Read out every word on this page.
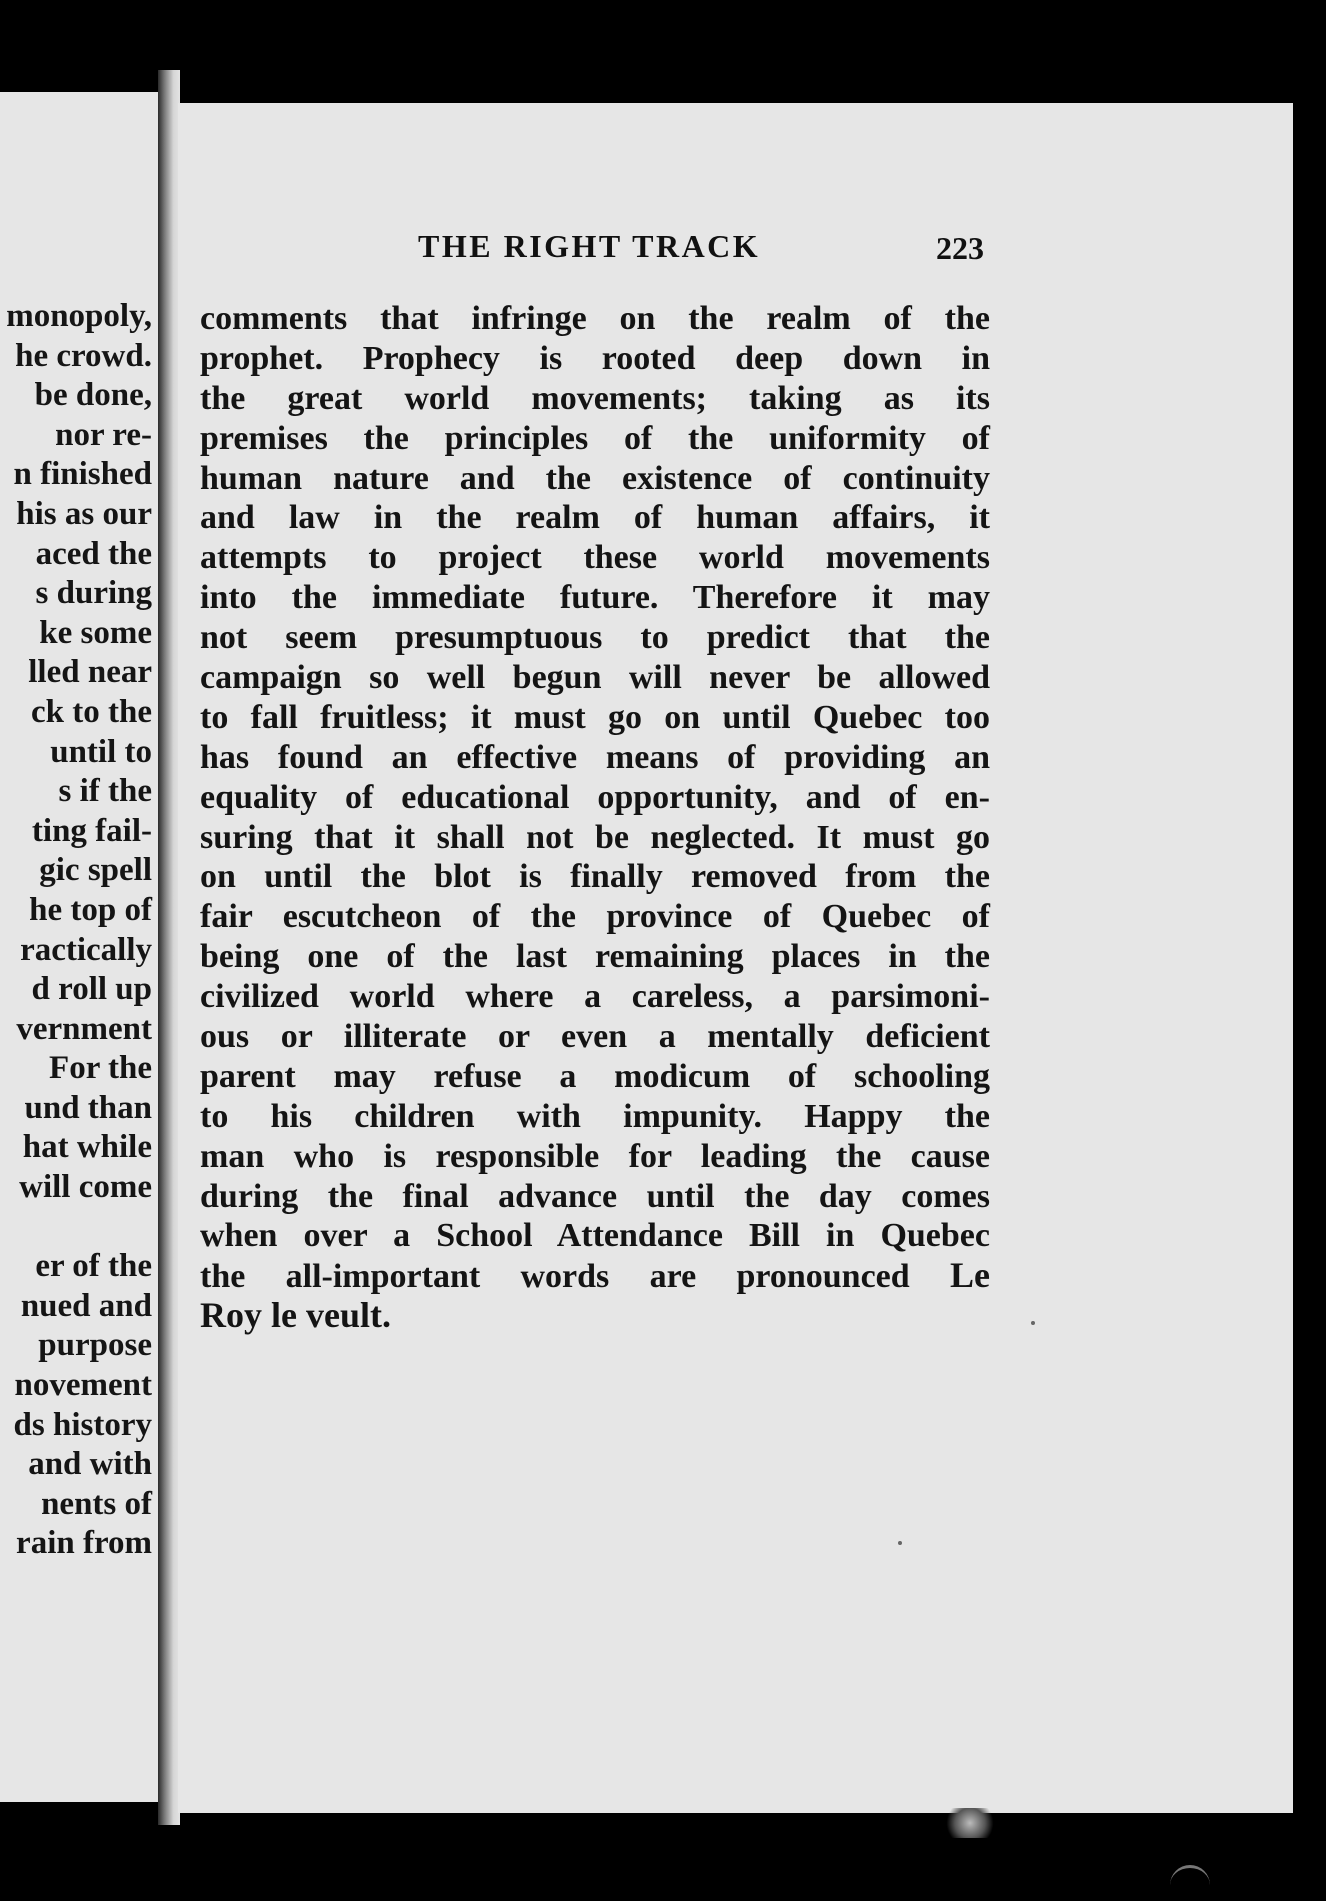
monopoly,
he crowd.
be done,
nor re-
n finished
his as our
aced the
s during
ke some
lled near
ck to the
until to
s if the
ting fail-
gic spell
he top of
ractically
d roll up
vernment
For the
und than
hat while
will come
er of the
nued and
purpose
novement
ds history
and with
nents of
rain from
THE RIGHT TRACK	223
comments that infringe on the realm of the
prophet. Prophecy is rooted deep down in
the great world movements; taking as its
premises the principles of the uniformity of
human nature and the existence of continuity
and law in the realm of human affairs, it
attempts to project these world movements
into the immediate future. Therefore it may
not seem presumptuous to predict that the
campaign so well begun will never be allowed
to fall fruitless; it must go on until Quebec too
has found an effective means of providing an
equality of educational opportunity, and of en-
suring that it shall not be neglected. It must go
on until the blot is finally removed from the
fair escutcheon of the province of Quebec of
being one of the last remaining places in the
civilized world where a careless, a parsimoni-
ous or illiterate or even a mentally deficient
parent may refuse a modicum of schooling
to his children with impunity. Happy the
man who is responsible for leading the cause
during the final advance until the day comes
when over a School Attendance Bill in Quebec
the all-important words are pronounced Le
Roy le veult.
